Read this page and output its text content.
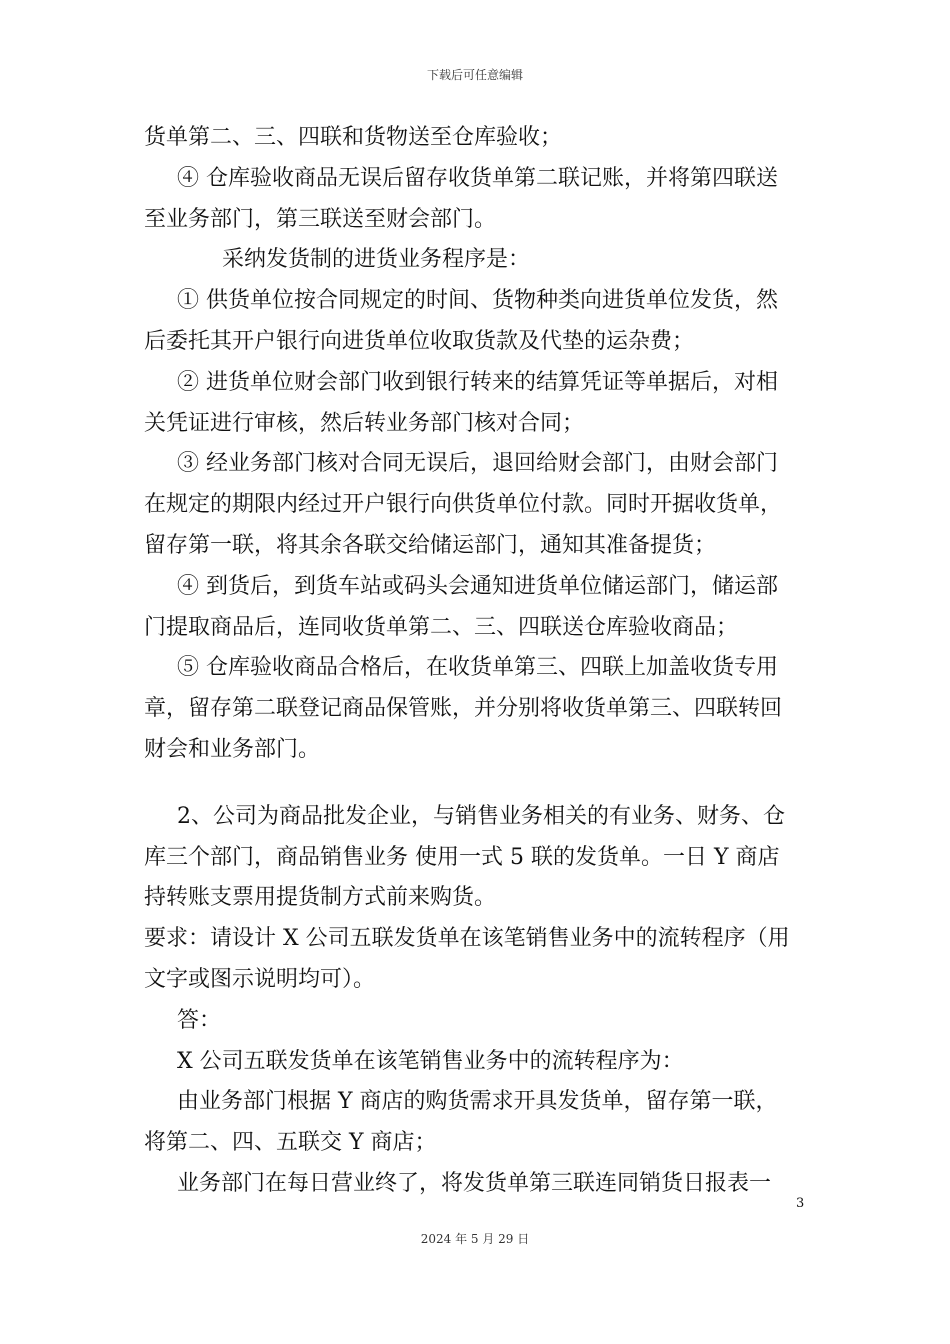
下载后可任意编辑
货单第二、三、四联和货物送至仓库验收；
④ 仓库验收商品无误后留存收货单第二联记账，并将第四联送
至业务部门，第三联送至财会部门。
采纳发货制的进货业务程序是：
① 供货单位按合同规定的时间、货物种类向进货单位发货，然
后委托其开户银行向进货单位收取货款及代垫的运杂费；
② 进货单位财会部门收到银行转来的结算凭证等单据后，对相
关凭证进行审核，然后转业务部门核对合同；
③ 经业务部门核对合同无误后，退回给财会部门，由财会部门
在规定的期限内经过开户银行向供货单位付款。同时开据收货单，
留存第一联，将其余各联交给储运部门，通知其准备提货；
④ 到货后，到货车站或码头会通知进货单位储运部门，储运部
门提取商品后，连同收货单第二、三、四联送仓库验收商品；
⑤ 仓库验收商品合格后，在收货单第三、四联上加盖收货专用
章，留存第二联登记商品保管账，并分别将收货单第三、四联转回
财会和业务部门。
2、公司为商品批发企业，与销售业务相关的有业务、财务、仓
库三个部门，商品销售业务 使用一式 5 联的发货单。一日 Y 商店
持转账支票用提货制方式前来购货。
要求：请设计 X 公司五联发货单在该笔销售业务中的流转程序（用
文字或图示说明均可）。
答：
X 公司五联发货单在该笔销售业务中的流转程序为：
由业务部门根据 Y 商店的购货需求开具发货单，留存第一联，
将第二、四、五联交 Y 商店；
业务部门在每日营业终了，将发货单第三联连同销货日报表一
3
2024 年 5 月 29 日
